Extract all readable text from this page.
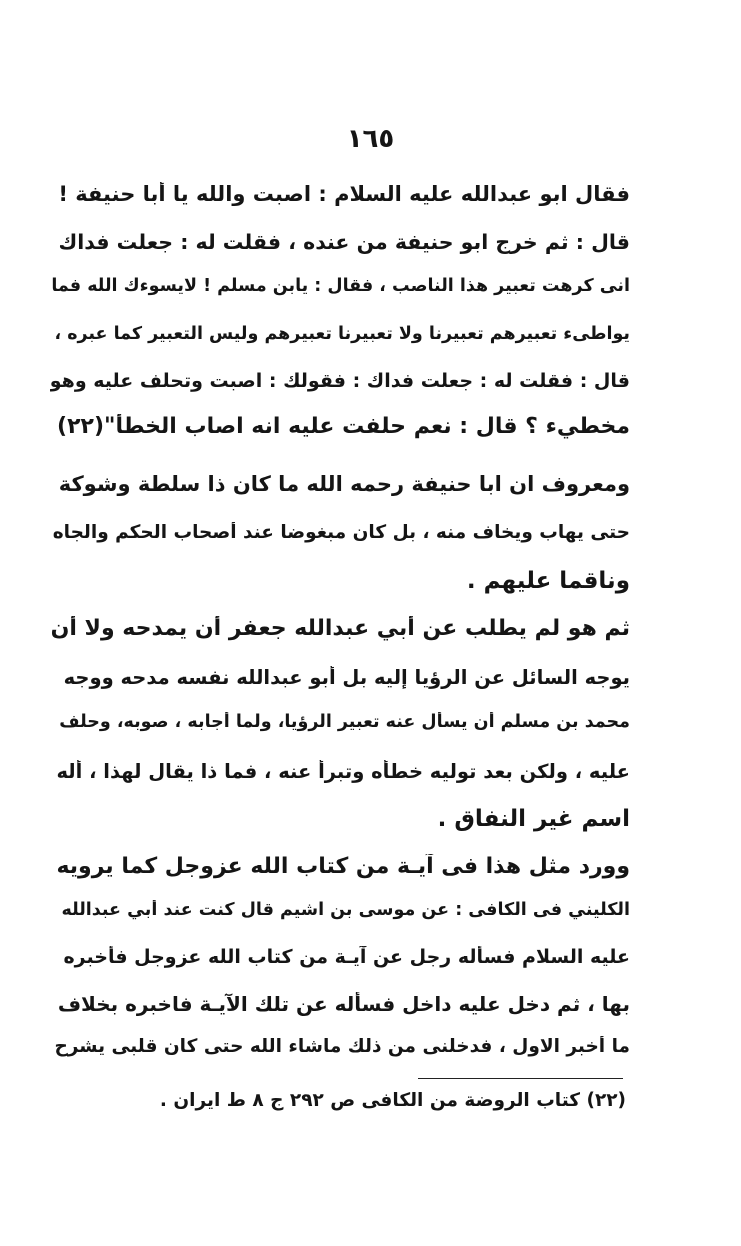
١٦٥
فقال ابو عبدالله عليه السلام : اصبت والله يا أبا حنيفة !
قال : ثم خرج ابو حنيفة من عنده ، فقلت له : جعلت فداك
انى كرهت تعبير هذا الناصب ، فقال : يابن مسلم ! لايسوءك الله فما
يواطىء تعبيرهم تعبيرنا ولا تعبيرنا تعبيرهم وليس التعبير كما عبره ،
قال : فقلت له : جعلت فداك : فقولك : اصبت وتحلف عليه وهو
مخطيء ؟ قال : نعم حلفت عليه انه اصاب الخطأ"(٢٢)
ومعروف ان ابا حنيفة رحمه الله ما كان ذا سلطة وشوكة
حتى يهاب ويخاف منه ، بل كان مبغوضا عند أصحاب الحكم والجاه
وناقما عليهم .
ثم هو لم يطلب عن أبي عبدالله جعفر أن يمدحه ولا أن
يوجه السائل عن الرؤيا إليه بل أبو عبدالله نفسه مدحه ووجه
محمد بن مسلم أن يسأل عنه تعبير الرؤيا، ولما أجابه ، صوبه، وحلف
عليه ، ولكن بعد توليه خطأه وتبرأ عنه ، فما ذا يقال لهذا ، أله
اسم غير النفاق .
وورد مثل هذا فى آيـة من كتاب الله عزوجل كما يرويه
الكليني فى الكافى : عن موسى بن اشيم قال كنت عند أبي عبدالله
عليه السلام فسأله رجل عن آيـة من كتاب الله عزوجل فأخبره
بها ، ثم دخل عليه داخل فسأله عن تلك الآيـة فاخبره بخلاف
ما أخبر الاول ، فدخلنى من ذلك ماشاء الله حتى كان قلبى يشرح
(٢٢) كتاب الروضة من الكافى ص ٢٩٢ ج ٨ ط ايران .
